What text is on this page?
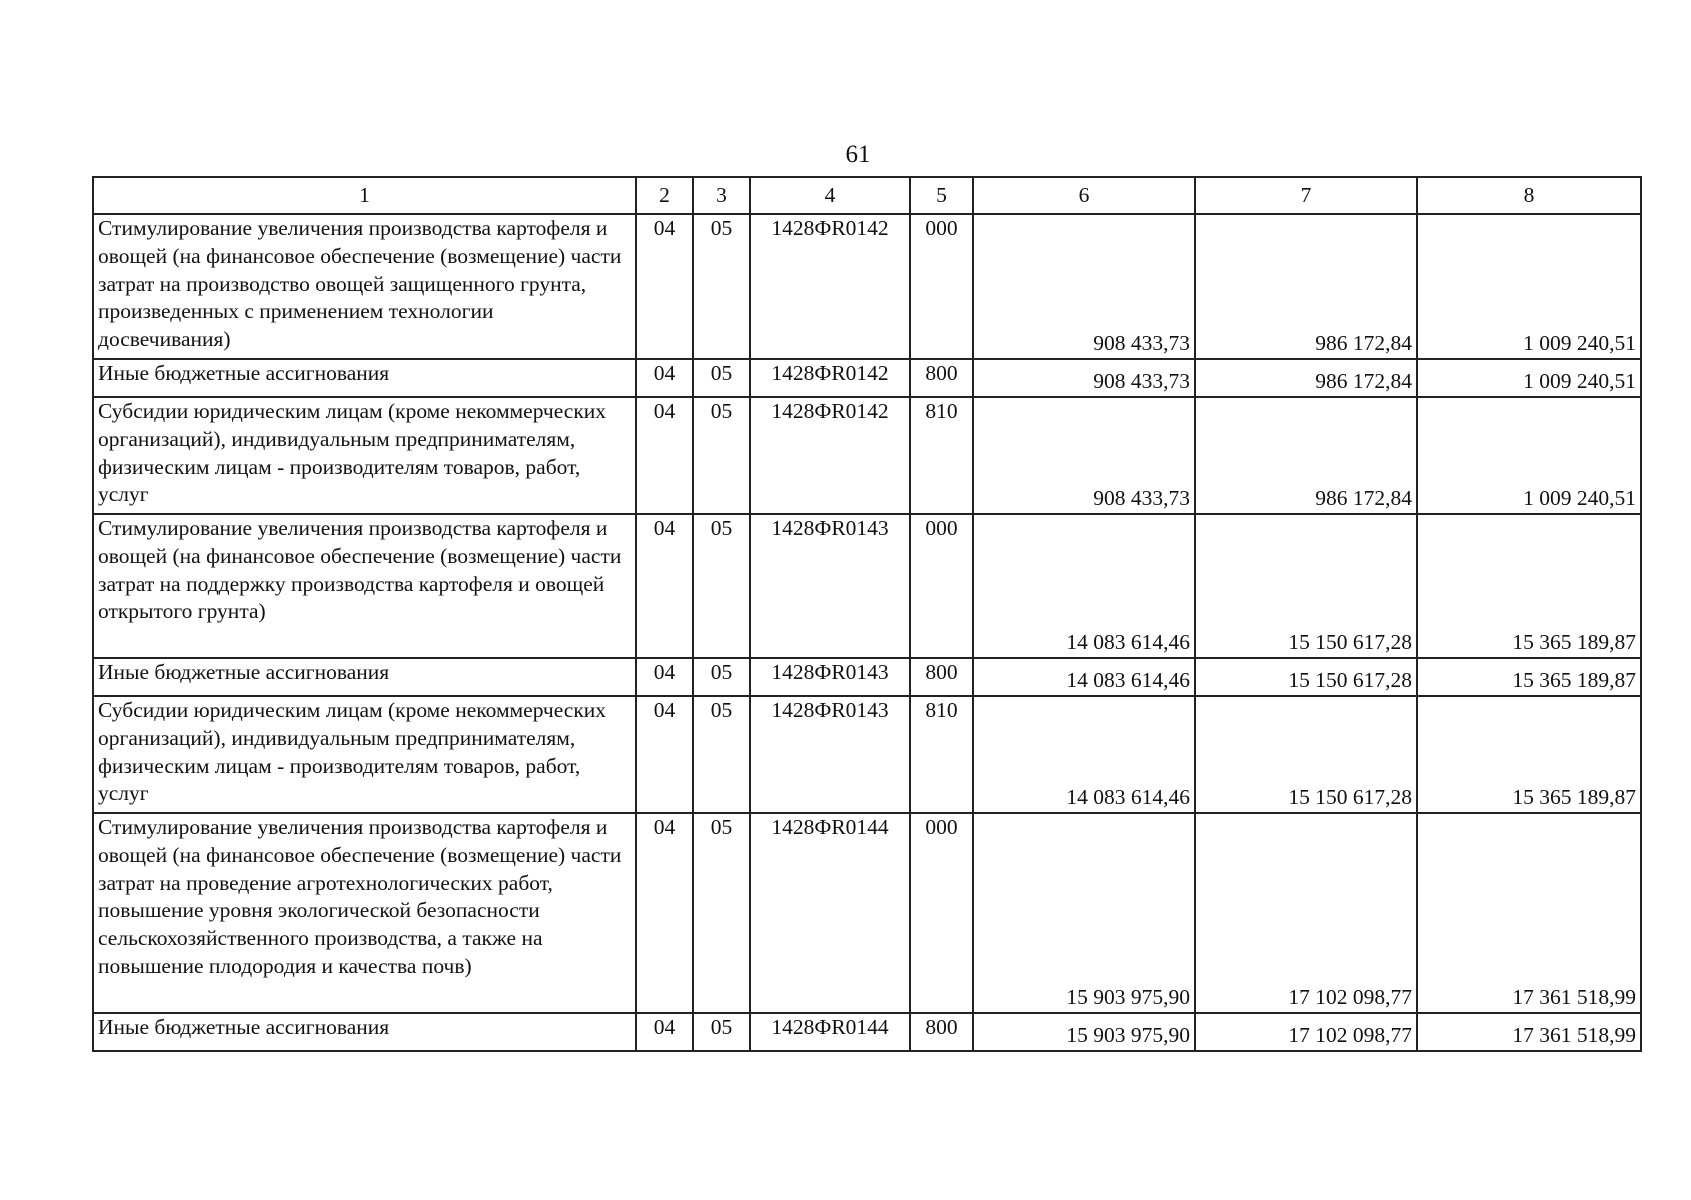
61
1	2	3	4	5	6	7	8
Стимулирование увеличения производства картофеля и овощей (на финансовое обеспечение (возмещение) части затрат на производство овощей защищенного грунта, произведенных с применением технологии досвечивания)	04	05	1428ФR0142	000	908 433,73	986 172,84	1 009 240,51
Иные бюджетные ассигнования	04	05	1428ФR0142	800	908 433,73	986 172,84	1 009 240,51
Субсидии юридическим лицам (кроме некоммерческих организаций), индивидуальным предпринимателям, физическим лицам - производителям товаров, работ, услуг	04	05	1428ФR0142	810	908 433,73	986 172,84	1 009 240,51
Стимулирование увеличения производства картофеля и овощей (на финансовое обеспечение (возмещение) части затрат на поддержку производства картофеля и овощей открытого грунта)	04	05	1428ФR0143	000	14 083 614,46	15 150 617,28	15 365 189,87
Иные бюджетные ассигнования	04	05	1428ФR0143	800	14 083 614,46	15 150 617,28	15 365 189,87
Субсидии юридическим лицам (кроме некоммерческих организаций), индивидуальным предпринимателям, физическим лицам - производителям товаров, работ, услуг	04	05	1428ФR0143	810	14 083 614,46	15 150 617,28	15 365 189,87
Стимулирование увеличения производства картофеля и овощей (на финансовое обеспечение (возмещение) части затрат на проведение агротехнологических работ, повышение уровня экологической безопасности сельскохозяйственного производства, а также на повышение плодородия и качества почв)	04	05	1428ФR0144	000	15 903 975,90	17 102 098,77	17 361 518,99
Иные бюджетные ассигнования	04	05	1428ФR0144	800	15 903 975,90	17 102 098,77	17 361 518,99
